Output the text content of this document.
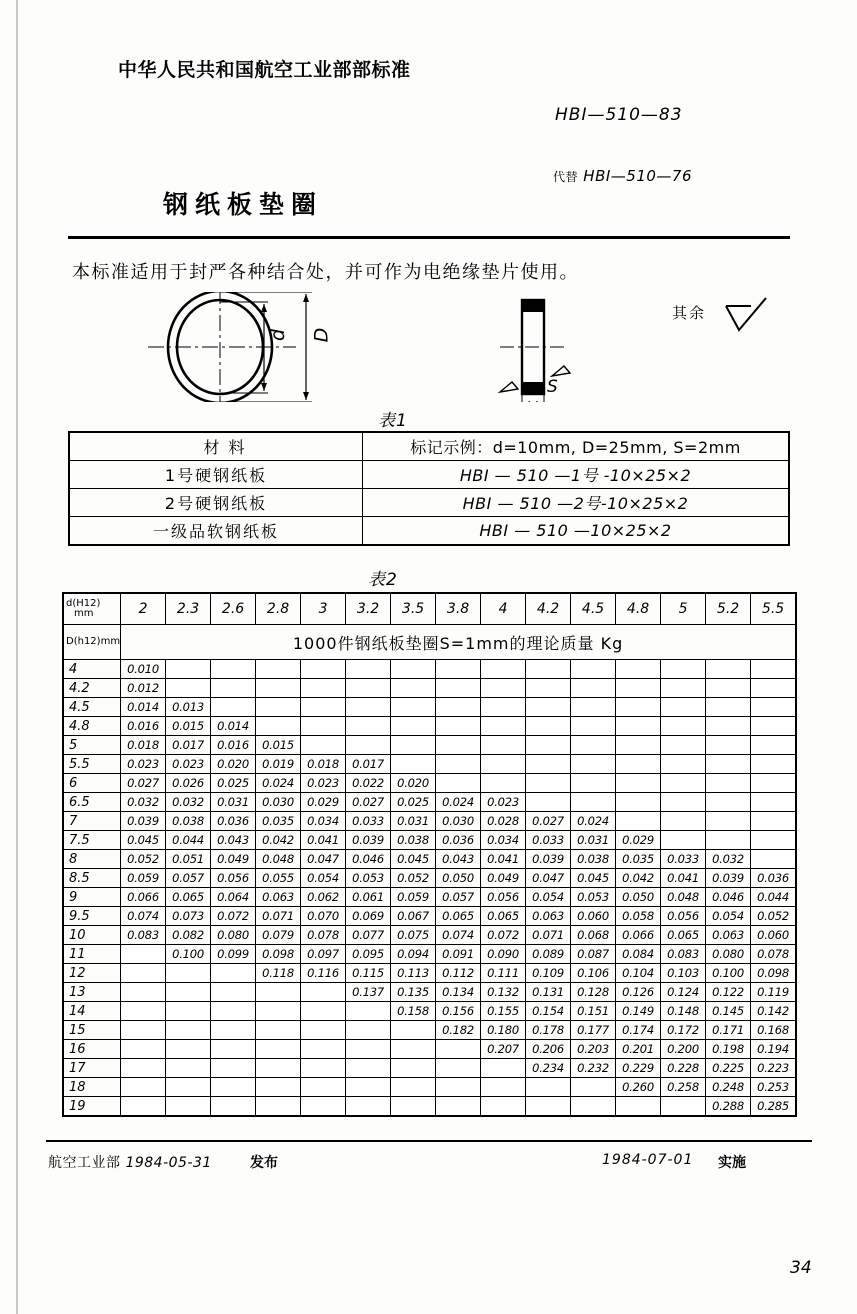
中华人民共和国航空工业部部标准
HBI—510—83
代替 HBI—510—76
钢纸板垫圈
本标准适用于封严各种结合处，并可作为电绝缘垫片使用。
d D
S
其余
表1
材 料	标记示例：d=10mm, D=25mm, S=2mm
1号硬钢纸板	HBI — 510 —1号 -10×25×2
2号硬钢纸板	HBI — 510 —2号-10×25×2
一级品软钢纸板	HBI — 510 —10×25×2
表2
d(H12)
mm	2	2.3	2.6	2.8	3	3.2	3.5	3.8	4	4.2	4.5	4.8	5	5.2	5.5
D(h12)mm	1000件钢纸板垫圈S=1mm的理论质量 Kg														
4	0.010														
4.2	0.012														
4.5	0.014	0.013													
4.8	0.016	0.015	0.014												
5	0.018	0.017	0.016	0.015											
5.5	0.023	0.023	0.020	0.019	0.018	0.017									
6	0.027	0.026	0.025	0.024	0.023	0.022	0.020								
6.5	0.032	0.032	0.031	0.030	0.029	0.027	0.025	0.024	0.023						
7	0.039	0.038	0.036	0.035	0.034	0.033	0.031	0.030	0.028	0.027	0.024				
7.5	0.045	0.044	0.043	0.042	0.041	0.039	0.038	0.036	0.034	0.033	0.031	0.029			
8	0.052	0.051	0.049	0.048	0.047	0.046	0.045	0.043	0.041	0.039	0.038	0.035	0.033	0.032	
8.5	0.059	0.057	0.056	0.055	0.054	0.053	0.052	0.050	0.049	0.047	0.045	0.042	0.041	0.039	0.036
9	0.066	0.065	0.064	0.063	0.062	0.061	0.059	0.057	0.056	0.054	0.053	0.050	0.048	0.046	0.044
9.5	0.074	0.073	0.072	0.071	0.070	0.069	0.067	0.065	0.065	0.063	0.060	0.058	0.056	0.054	0.052
10	0.083	0.082	0.080	0.079	0.078	0.077	0.075	0.074	0.072	0.071	0.068	0.066	0.065	0.063	0.060
11		0.100	0.099	0.098	0.097	0.095	0.094	0.091	0.090	0.089	0.087	0.084	0.083	0.080	0.078
12				0.118	0.116	0.115	0.113	0.112	0.111	0.109	0.106	0.104	0.103	0.100	0.098
13						0.137	0.135	0.134	0.132	0.131	0.128	0.126	0.124	0.122	0.119
14							0.158	0.156	0.155	0.154	0.151	0.149	0.148	0.145	0.142
15								0.182	0.180	0.178	0.177	0.174	0.172	0.171	0.168
16									0.207	0.206	0.203	0.201	0.200	0.198	0.194
17										0.234	0.232	0.229	0.228	0.225	0.223
18												0.260	0.258	0.248	0.253
19														0.288	0.285
航空工业部 1984-05-31	发布	1984-07-01 实施
34
